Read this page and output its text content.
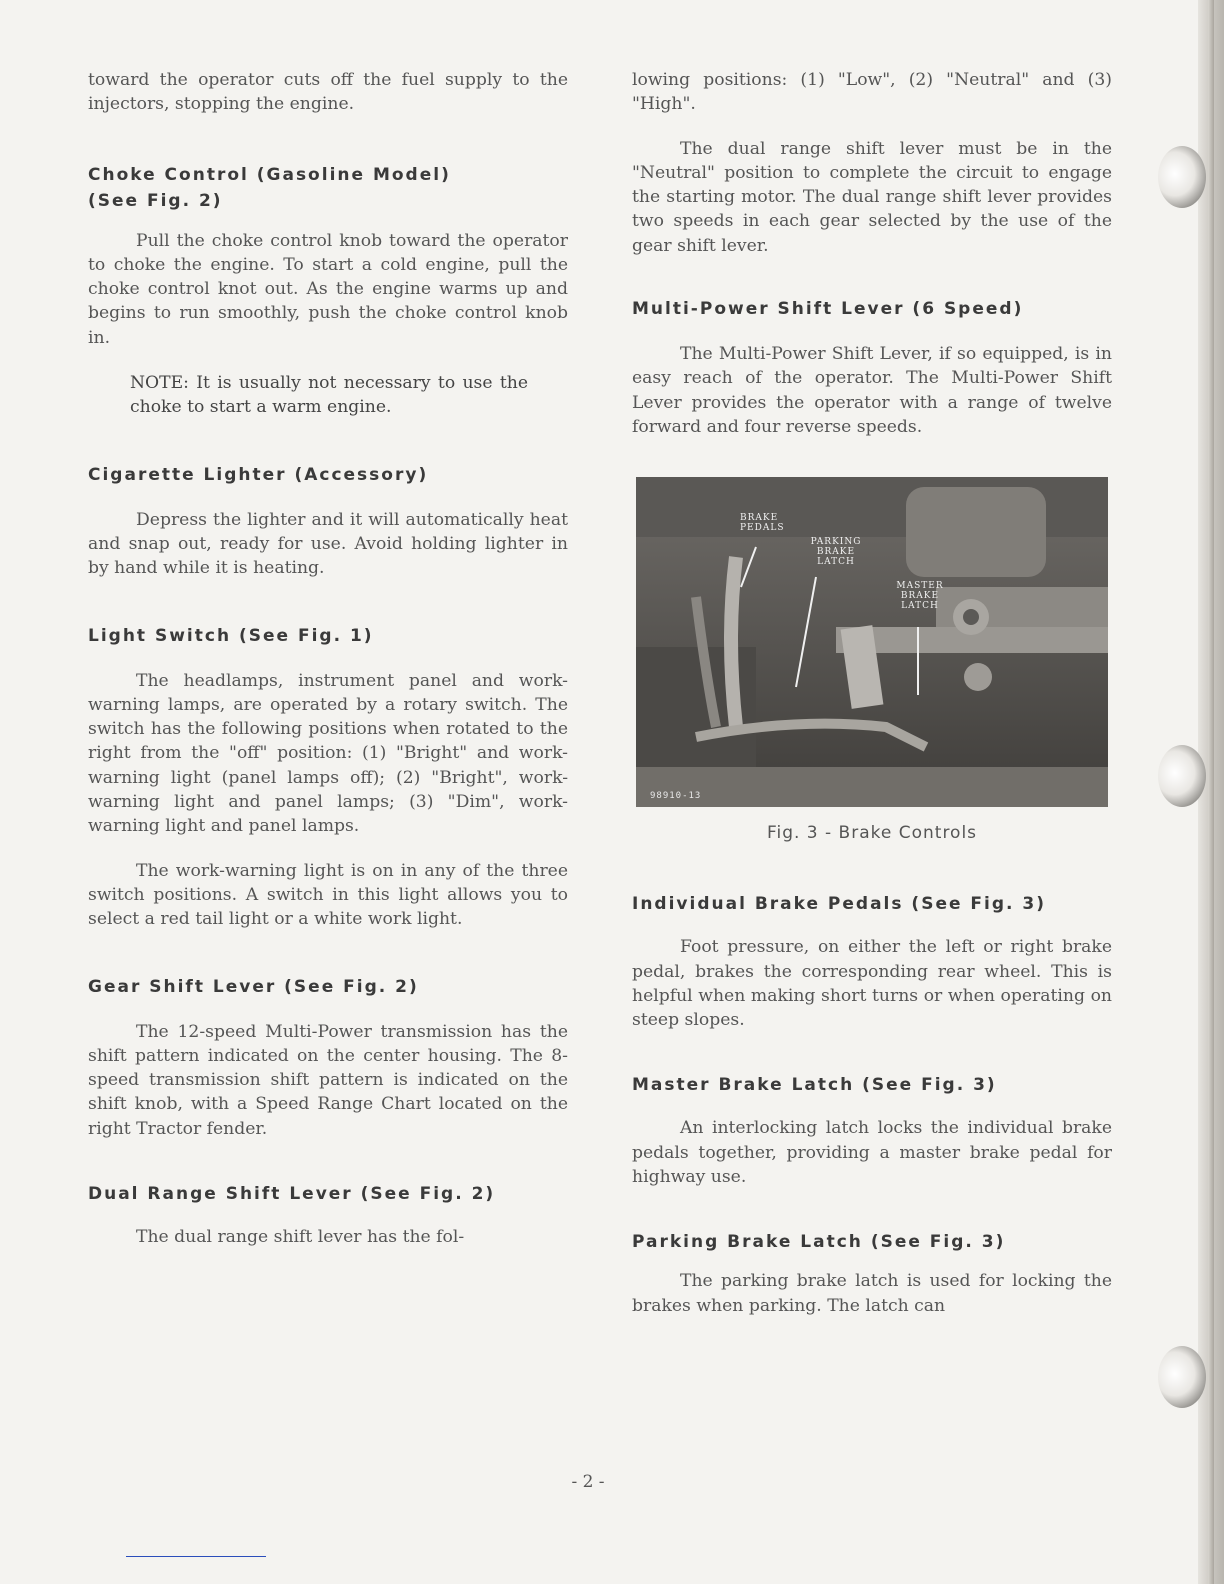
toward the operator cuts off the fuel supply to the injectors, stopping the engine.

Choke Control (Gasoline Model)
(See Fig. 2)

Pull the choke control knob toward the operator to choke the engine. To start a cold engine, pull the choke control knot out. As the engine warms up and begins to run smoothly, push the choke control knob in.

NOTE: It is usually not necessary to use the choke to start a warm engine.

Cigarette Lighter (Accessory)

Depress the lighter and it will automatically heat and snap out, ready for use. Avoid holding lighter in by hand while it is heating.

Light Switch (See Fig. 1)

The headlamps, instrument panel and work-warning lamps, are operated by a rotary switch. The switch has the following positions when rotated to the right from the "off" position: (1) "Bright" and work-warning light (panel lamps off); (2) "Bright", work-warning light and panel lamps; (3) "Dim", work-warning light and panel lamps.

The work-warning light is on in any of the three switch positions. A switch in this light allows you to select a red tail light or a white work light.

Gear Shift Lever (See Fig. 2)

The 12-speed Multi-Power transmission has the shift pattern indicated on the center housing. The 8-speed transmission shift pattern is indicated on the shift knob, with a Speed Range Chart located on the right Tractor fender.

Dual Range Shift Lever (See Fig. 2)

The dual range shift lever has the fol-

lowing positions: (1) "Low", (2) "Neutral" and (3) "High".

The dual range shift lever must be in the "Neutral" position to complete the circuit to engage the starting motor. The dual range shift lever provides two speeds in each gear selected by the use of the gear shift lever.

Multi-Power Shift Lever (6 Speed)

The Multi-Power Shift Lever, if so equipped, is in easy reach of the operator. The Multi-Power Shift Lever provides the operator with a range of twelve forward and four reverse speeds.

BRAKE PEDALS
PARKING BRAKE LATCH
MASTER BRAKE LATCH
98910-13
Fig. 3 - Brake Controls
Individual Brake Pedals (See Fig. 3)

Foot pressure, on either the left or right brake pedal, brakes the corresponding rear wheel. This is helpful when making short turns or when operating on steep slopes.

Master Brake Latch (See Fig. 3)

An interlocking latch locks the individual brake pedals together, providing a master brake pedal for highway use.

Parking Brake Latch (See Fig. 3)

The parking brake latch is used for locking the brakes when parking. The latch can

- 2 -
